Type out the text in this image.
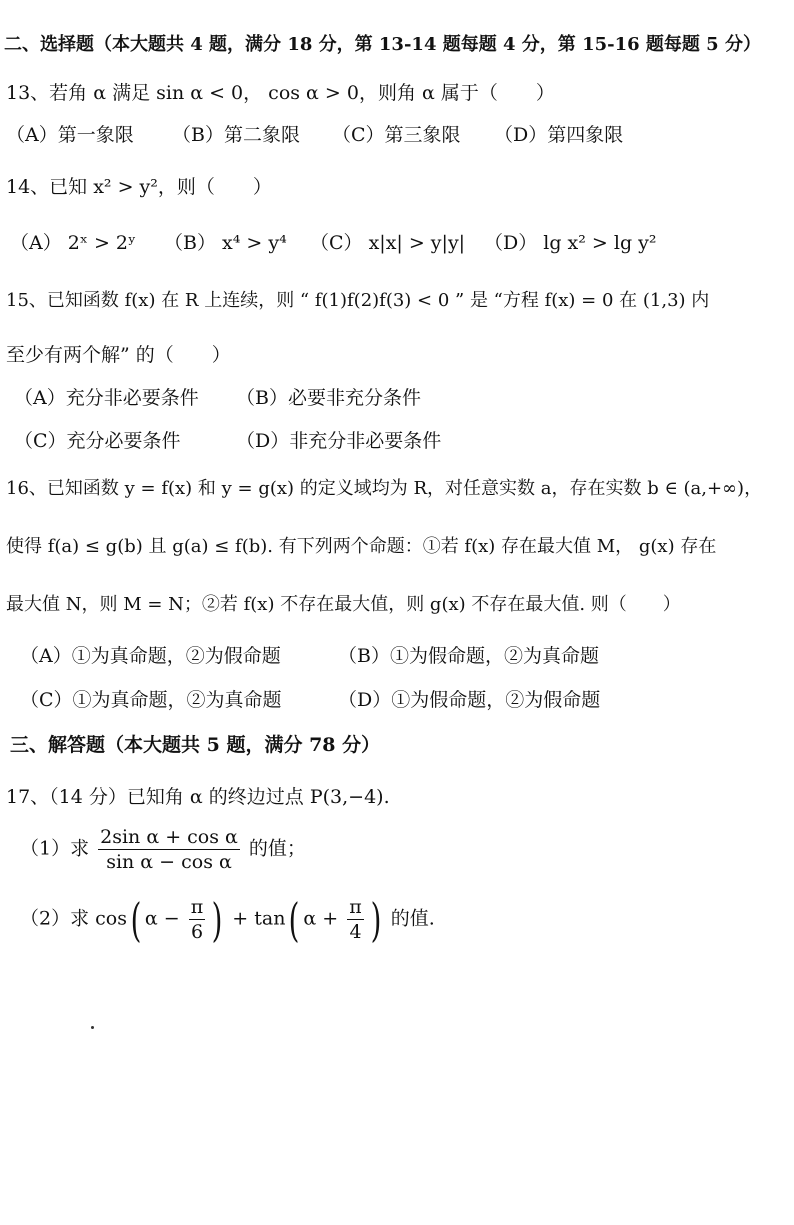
二、选择题（本大题共 4 题，满分 18 分，第 13-14 题每题 4 分，第 15-16 题每题 5 分）
13、若角 α 满足 sin α < 0， cos α > 0，则角 α 属于（　　）
（A）第一象限 （B）第二象限 （C）第三象限 （D）第四象限
14、已知 x² > y²，则（　　）
（A） 2ˣ > 2ʸ （B） x⁴ > y⁴ （C） x|x| > y|y| （D） lg x² > lg y²
15、已知函数 f(x) 在 R 上连续，则 “ f(1)f(2)f(3) < 0 ” 是 “方程 f(x) = 0 在 (1,3) 内
至少有两个解” 的（　　）
（A）充分非必要条件 （B）必要非充分条件
（C）充分必要条件	（D）非充分非必要条件
16、已知函数 y = f(x) 和 y = g(x) 的定义域均为 R，对任意实数 a，存在实数 b ∈ (a,+∞)，
使得 f(a) ≤ g(b) 且 g(a) ≤ f(b). 有下列两个命题：①若 f(x) 存在最大值 M， g(x) 存在
最大值 N，则 M = N；②若 f(x) 不存在最大值，则 g(x) 不存在最大值. 则（　　）
（A）①为真命题，②为假命题	（B）①为假命题，②为真命题
（C）①为真命题，②为真命题	（D）①为假命题，②为假命题
三、解答题（本大题共 5 题，满分 78 分）
17、（14 分）已知角 α 的终边过点 P(3,−4).
（1）求 $\frac{\text{2sin α + cos α}}{\text{sin α − cos α}}$ 的值；
（2）求 cos( $\alpha - \frac{\pi}{6}$ ) + tan( $\alpha + \frac{\pi}{4}$ ) 的值.
